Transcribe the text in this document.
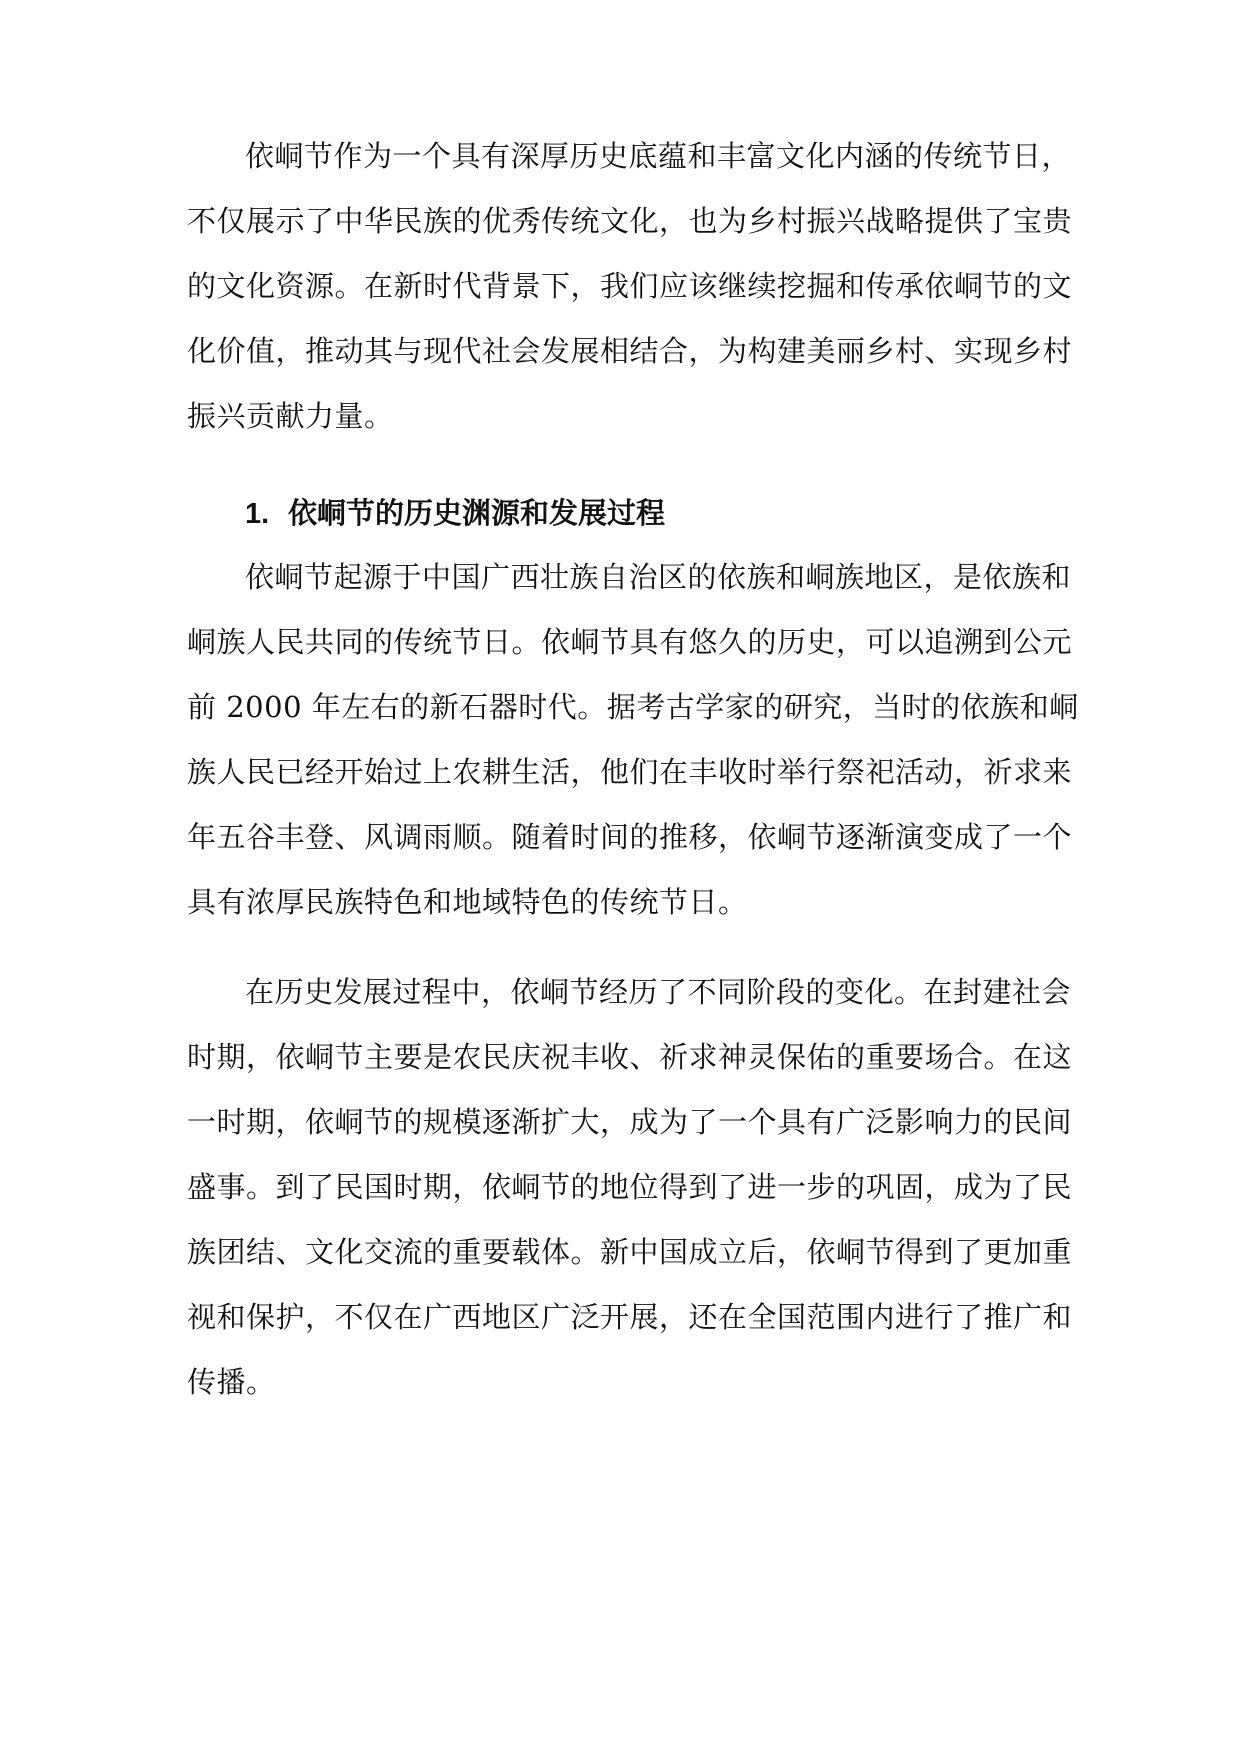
依峒节作为一个具有深厚历史底蕴和丰富文化内涵的传统节日，
不仅展示了中华民族的优秀传统文化，也为乡村振兴战略提供了宝贵
的文化资源。在新时代背景下，我们应该继续挖掘和传承依峒节的文
化价值，推动其与现代社会发展相结合，为构建美丽乡村、实现乡村
振兴贡献力量。
1. 依峒节的历史渊源和发展过程
依峒节起源于中国广西壮族自治区的依族和峒族地区，是依族和
峒族人民共同的传统节日。依峒节具有悠久的历史，可以追溯到公元
前 2000 年左右的新石器时代。据考古学家的研究，当时的依族和峒
族人民已经开始过上农耕生活，他们在丰收时举行祭祀活动，祈求来
年五谷丰登、风调雨顺。随着时间的推移，依峒节逐渐演变成了一个
具有浓厚民族特色和地域特色的传统节日。
在历史发展过程中，依峒节经历了不同阶段的变化。在封建社会
时期，依峒节主要是农民庆祝丰收、祈求神灵保佑的重要场合。在这
一时期，依峒节的规模逐渐扩大，成为了一个具有广泛影响力的民间
盛事。到了民国时期，依峒节的地位得到了进一步的巩固，成为了民
族团结、文化交流的重要载体。新中国成立后，依峒节得到了更加重
视和保护，不仅在广西地区广泛开展，还在全国范围内进行了推广和
传播。
